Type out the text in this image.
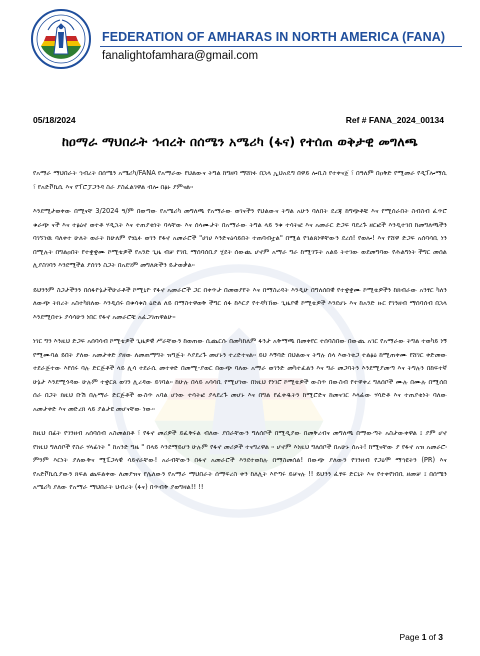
FEDERATION OF AMHARAS IN NORTH AMERICA (FANA)
fanalightofamhara@gmail.com
05/18/2024	Ref # FANA_2024_00134
ከዐማራ ማህበራት ኅብረት በሰሜን አሜሪካ (ፋና) የተሰጠ ወቅታዊ መግለጫ

የአማራ ማህበራት ኅብረት በሰሜን አሜሪካ/FANA የአማራው የህልውና ትግል ከግዘባ ማሸነፉ በኋላ ኢህአዴግ በዋይ ሎቢስ የተቀናጀ ፣ በዓለም በዐቅድ የሚመራ የዲፕሎማሲ ፣ የአድቮኬሲ እና የፕሮፓጋንዳ ስራ ያስፈልገዋል ብሎ በፅኑ ያምናል።

እንደሚታወቀው በሚናቸ 3/2024 ዓ/ም በወጣው የአሜሪካ መግለጫ የአማራው ወገናችን የህልውና ትግል አሁን ባለበት ደረጃ ከግጭቶቹ እና የሚሰራበት ስብስብ ፈጥሮ ቁራጭ ናች እና ተፅዕኖ ወተቶ ሃዲኋት እና ተጠያቂነት ባላቸው እና ሰላሙታት በአማራው ትግል ላይ ንቁ ተሳትፎ እና አመራር ድጋፍ ባደረጉ ዘርፎች እንዲተገበ ከመግለጫችን ባገኘነዉ ባለቀተ ሁለት ወራት ከሁለም የሄኒፉ ወገን የፋኖ አመራሮች "ሀገሀ እንድናዕሳይበት ተጠባብቷል" በሚል የገልጸነዋቸውን ደረሰ! የወሎ! እና የሸዋ ድጋፍ አሰባሳቢ ነን በሚሉት በግልዐበት የተቋቋሙ ኮሚቴዎች የአንድ ጊዜ ብቻ የገቢ ማሰባሰቢያ ሂደት ሰውጪ ሆኖም አማራ ግራ ከሚገኙት አልይ ትተገው ወደመግባው የሕልግነት ችግር መሰል ሊያስገባን እንደሚችል ያሰገን ስጋት በአደገም መግለጽችን ይታወቃል።

ይህንንም ስጋታችንን በሰፋዮኔታችሁራቶች ኮሚኒዮ የፋኖ አመራሮች ጋር በቀጥታ በመወያየት እና በማስረዳት እንዲሁ በግለሰበዊ የተቋቋሙ ኮሚቴዎችን ከክብራው አንፃር ካለን ለውጭ ትክረት አስተካክለው እንዲሰሩ በቁሳቁስ ዕድል ለይ በማስተዋወቅ ችግር ሰፋ ከእርያ የተዳካኸው ጊዜያዊ ኮሚቴዎች እንደሆኑ እና ከአንድ ዙር የገንዘብ ማሰባሰብ በኋላ እንደሚበተኑ ያሳሳሁን ነበር የፋኖ አመራሮቹ አፈጋገጠዋልሁ።

ነገር ግን እንዚህ ድጋፍ አሰባሳብ ኮሚቴዎች ጊዜዎዊ ሥራቸውን ከወጠው ሲጨርሱ በመካከለም ፋንታ አቅማጫ በመቀየር ተሰባስበው በውጪ አገር የአማራው ትግል ተወካይ ነኝ የሚሙባል ይበት ያለው አመታቀድ ያዘው ለመጠማግት ዝግጅት እያደረጉ መሆኑን ተረድተናል። ይህ እኝባድ በህልውና ትግሉ ሰላ እውነቂጋ ተልፅዕ ከሚጠቀሙ የሸገር ቀድመው ተደራጅተው እየሰሩ ባሉ ድርጅቶች ላይ ሊሳ ተደራሲ መተቀድ በመሚ-ያወር በውጭ ባለው አማራ ወገንድ መካተፈልን እና ግራ መጋባትን እንደሚያመጣ እና ትግሉን በከፍተኛ ሁኔታ እንደሚጎዳው ሁሉም ተቋርጸ ወገን ሊረዳው ይገባል። ከሁሉ በላይ አሳሳቢ የሚሆነው በነዚህ የነገሮ ኮሚቴዎች ውስጥ በውስብ የተዋቀረ ግለሰቦች ሙሉ በሙሉ በሚሰበ ሰራ በጋት ክዚህ ቡሽ በሉማራ ድርጅቶች ውስጥ አባል ሆነው ተሳትፎ ያላደረጉ መሆኑ እና በግል የፈቀዱትን ከሚሮድና ከመናገር እላፊው ሃሳድቶ እና ተጠያቂነት ባለው አመታቀድ እና መድረክ ላይ ያልታዩ መሆናቸው ነው።

ከዚህ በፊት የገንዘብ አሰባሰብ አስመልክቶ ፣ የፋኖ መሪዎች ይፈቅሩል ብለው ያበራቸውን ግለሰቦች በሚዲያው በመቅረብና መግለጫ በማውጣት አስታውቀዋል ፤ ያም ሆኖ የነዚህ ግለሰቦች የስራ ሃላፊነት " ከአንድ ግዜ " በላይ እንደማይሆን ሁሉም የፋኖ መሪዎች ተናግረዋል ። ሆኖም እነዚህ ግለሰቦች በአሁኑ ሰአት! ከሚናቸው ያ የፋኖ አዝ አመራሮ፡ ምንም እርነት ያለውቅና ሚፒጋላዊ ሳይኖራቸው! አራብቸውን በፋኖ አመራሮች እንደተወከሉ በማስመሰል! በውጭ ያለውን የገንዘብ የጋዕሞ ማኅዩትን (PR) እና የአድቮኬሲያውን ክፍል ጨፍልቀው ለመያዝና የሌለውን የአማራ ማህበራት ሰማፍረስ ቀን ከለሊት እየጣሩ ይቻናሉ !! ይህንን ፈፃፍ ድርኒት እና የተቀየነበቢ ዘመቻ ፤ በሰሜን አሜሪካ ያለው የአማራ ማህበራት ህብረት (ፋና) በጥብቅ ያወግዛል!! !!

Page 1 of 3
